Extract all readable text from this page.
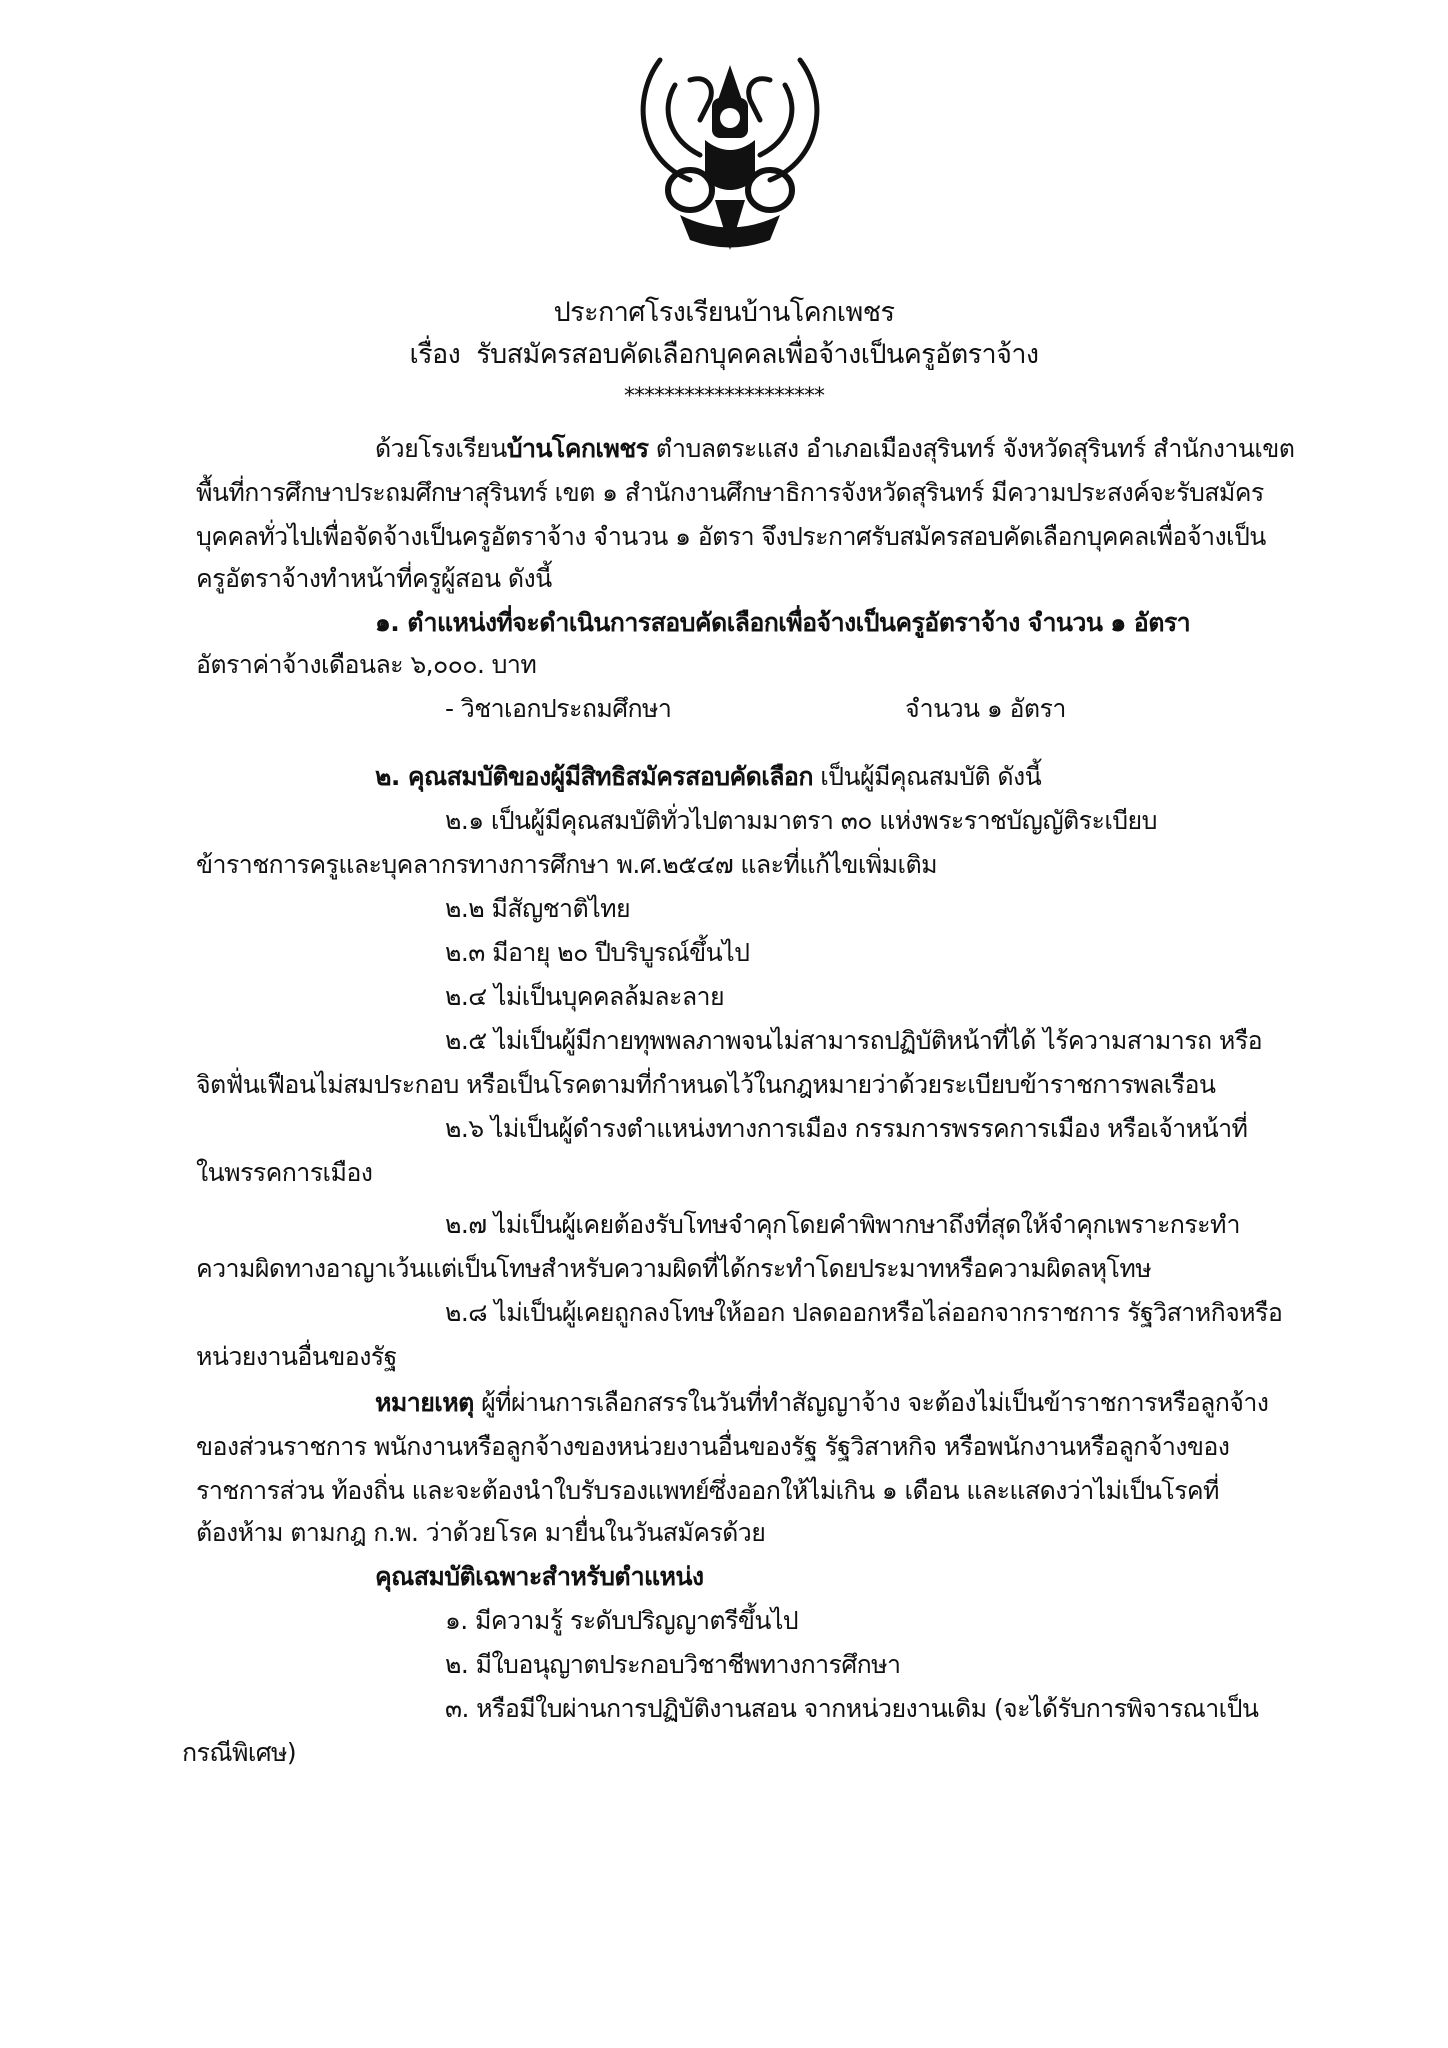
ประกาศโรงเรียนบ้านโคกเพชร
เรื่อง รับสมัครสอบคัดเลือกบุคคลเพื่อจ้างเป็นครูอัตราจ้าง
********************
ด้วยโรงเรียนบ้านโคกเพชร ตำบลตระแสง อำเภอเมืองสุรินทร์ จังหวัดสุรินทร์ สำนักงานเขต
พื้นที่การศึกษาประถมศึกษาสุรินทร์ เขต ๑ สำนักงานศึกษาธิการจังหวัดสุรินทร์ มีความประสงค์จะรับสมัคร
บุคคลทั่วไปเพื่อจัดจ้างเป็นครูอัตราจ้าง จำนวน ๑ อัตรา จึงประกาศรับสมัครสอบคัดเลือกบุคคลเพื่อจ้างเป็น
ครูอัตราจ้างทำหน้าที่ครูผู้สอน ดังนี้
๑. ตำแหน่งที่จะดำเนินการสอบคัดเลือกเพื่อจ้างเป็นครูอัตราจ้าง จำนวน ๑ อัตรา
อัตราค่าจ้างเดือนละ ๖,๐๐๐. บาท
- วิชาเอกประถมศึกษา	จำนวน ๑ อัตรา
๒. คุณสมบัติของผู้มีสิทธิสมัครสอบคัดเลือก เป็นผู้มีคุณสมบัติ ดังนี้
๒.๑ เป็นผู้มีคุณสมบัติทั่วไปตามมาตรา ๓๐ แห่งพระราชบัญญัติระเบียบ
ข้าราชการครูและบุคลากรทางการศึกษา พ.ศ.๒๕๔๗ และที่แก้ไขเพิ่มเติม
๒.๒ มีสัญชาติไทย
๒.๓ มีอายุ ๒๐ ปีบริบูรณ์ขึ้นไป
๒.๔ ไม่เป็นบุคคลล้มละลาย
๒.๕ ไม่เป็นผู้มีกายทุพพลภาพจนไม่สามารถปฏิบัติหน้าที่ได้ ไร้ความสามารถ หรือ
จิตฟั่นเฟือนไม่สมประกอบ หรือเป็นโรคตามที่กำหนดไว้ในกฎหมายว่าด้วยระเบียบข้าราชการพลเรือน
๒.๖ ไม่เป็นผู้ดำรงตำแหน่งทางการเมือง กรรมการพรรคการเมือง หรือเจ้าหน้าที่
ในพรรคการเมือง
๒.๗ ไม่เป็นผู้เคยต้องรับโทษจำคุกโดยคำพิพากษาถึงที่สุดให้จำคุกเพราะกระทำ
ความผิดทางอาญาเว้นแต่เป็นโทษสำหรับความผิดที่ได้กระทำโดยประมาทหรือความผิดลหุโทษ
๒.๘ ไม่เป็นผู้เคยถูกลงโทษให้ออก ปลดออกหรือไล่ออกจากราชการ รัฐวิสาหกิจหรือ
หน่วยงานอื่นของรัฐ
หมายเหตุ ผู้ที่ผ่านการเลือกสรรในวันที่ทำสัญญาจ้าง จะต้องไม่เป็นข้าราชการหรือลูกจ้าง
ของส่วนราชการ พนักงานหรือลูกจ้างของหน่วยงานอื่นของรัฐ รัฐวิสาหกิจ หรือพนักงานหรือลูกจ้างของ
ราชการส่วน ท้องถิ่น และจะต้องนำใบรับรองแพทย์ซึ่งออกให้ไม่เกิน ๑ เดือน และแสดงว่าไม่เป็นโรคที่
ต้องห้าม ตามกฎ ก.พ. ว่าด้วยโรค มายื่นในวันสมัครด้วย
คุณสมบัติเฉพาะสำหรับตำแหน่ง
๑. มีความรู้ ระดับปริญญาตรีขึ้นไป
๒. มีใบอนุญาตประกอบวิชาชีพทางการศึกษา
๓. หรือมีใบผ่านการปฏิบัติงานสอน จากหน่วยงานเดิม (จะได้รับการพิจารณาเป็น
กรณีพิเศษ)
